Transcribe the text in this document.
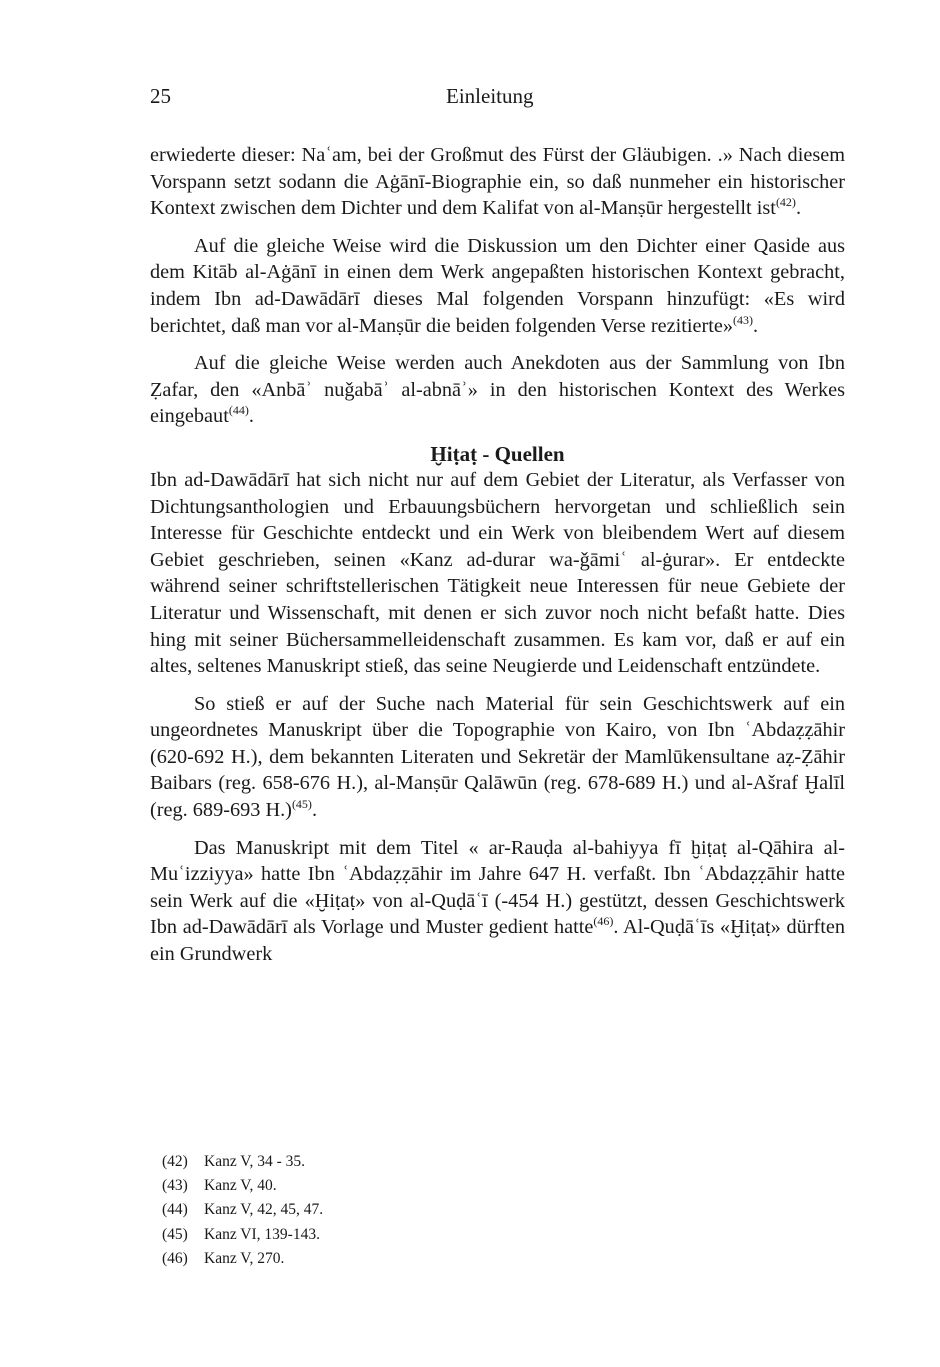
25	Einleitung

erwiederte dieser: Naʿam, bei der Großmut des Fürst der Gläubigen. .» Nach diesem Vorspann setzt sodann die Aġānī-Biographie ein, so daß nunmeher ein historischer Kontext zwischen dem Dichter und dem Kalifat von al-Manṣūr hergestellt ist$^{(42)}$.

Auf die gleiche Weise wird die Diskussion um den Dichter einer Qaside aus dem Kitāb al-Aġānī in einen dem Werk angepaßten historischen Kontext gebracht, indem Ibn ad-Dawādārī dieses Mal folgenden Vorspann hinzufügt: «Es wird berichtet, daß man vor al-Manṣūr die beiden folgenden Verse rezitierte»$^{(43)}$.

Auf die gleiche Weise werden auch Anekdoten aus der Sammlung von Ibn Ẓafar, den «Anbāʾ nuǧabāʾ al-abnāʾ» in den historischen Kontext des Werkes eingebaut$^{(44)}$.

Ḫiṭaṭ - Quellen

Ibn ad-Dawādārī hat sich nicht nur auf dem Gebiet der Literatur, als Verfasser von Dichtungsanthologien und Erbauungsbüchern hervorgetan und schließlich sein Interesse für Geschichte entdeckt und ein Werk von bleibendem Wert auf diesem Gebiet geschrieben, seinen «Kanz ad-durar wa-ǧāmiʿ al-ġurar». Er entdeckte während seiner schriftstellerischen Tätigkeit neue Interessen für neue Gebiete der Literatur und Wissenschaft, mit denen er sich zuvor noch nicht befaßt hatte. Dies hing mit seiner Büchersammelleidenschaft zusammen. Es kam vor, daß er auf ein altes, seltenes Manuskript stieß, das seine Neugierde und Leidenschaft entzündete.

So stieß er auf der Suche nach Material für sein Geschichtswerk auf ein ungeordnetes Manuskript über die Topographie von Kairo, von Ibn ʿAbdaẓẓāhir (620-692 H.), dem bekannten Literaten und Sekretär der Mamlūkensultane aẓ-Ẓāhir Baibars (reg. 658-676 H.), al-Manṣūr Qalāwūn (reg. 678-689 H.) und al-Ašraf Ḫalīl (reg. 689-693 H.)$^{(45)}$.

Das Manuskript mit dem Titel « ar-Rauḍa al-bahiyya fī ḫiṭaṭ al-Qāhira al-Muʿizziyya» hatte Ibn ʿAbdaẓẓāhir im Jahre 647 H. verfaßt. Ibn ʿAbdaẓẓāhir hatte sein Werk auf die «Ḫiṭaṭ» von al-Quḍāʿī (-454 H.) gestützt, dessen Geschichtswerk Ibn ad-Dawādārī als Vorlage und Muster gedient hatte$^{(46)}$. Al-Quḍāʿīs «Ḫiṭaṭ» dürften ein Grundwerk

(42) Kanz V, 34 - 35.
(43) Kanz V, 40.
(44) Kanz V, 42, 45, 47.
(45) Kanz VI, 139-143.
(46) Kanz V, 270.
